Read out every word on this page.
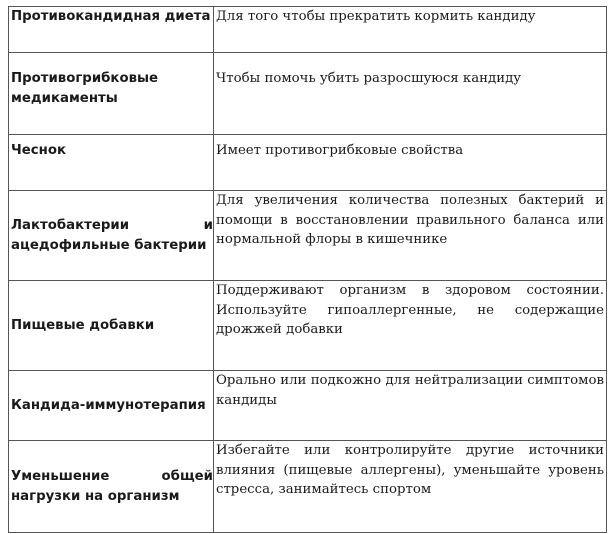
Противокандидная диета	Для того чтобы прекратить кормить кандиду
Противогрибковые медикаменты	Чтобы помочь убить разросшуюся кандиду
Чеснок	Имеет противогрибковые свойства
Лактобактерии и ацедофильные бактерии	Для увеличения количества полезных бактерий и помощи в восстановлении правильного баланса или нормальной флоры в кишечнике
Пищевые добавки	Поддерживают организм в здоровом состоянии. Используйте гипоаллергенные, не содержащие дрожжей добавки
Кандида-иммунотерапия	Орально или подкожно для нейтрализации симптомов кандиды
Уменьшение общей нагрузки на организм	Избегайте или контролируйте другие источники влияния (пищевые аллергены), уменьшайте уровень стресса, занимайтесь спортом
